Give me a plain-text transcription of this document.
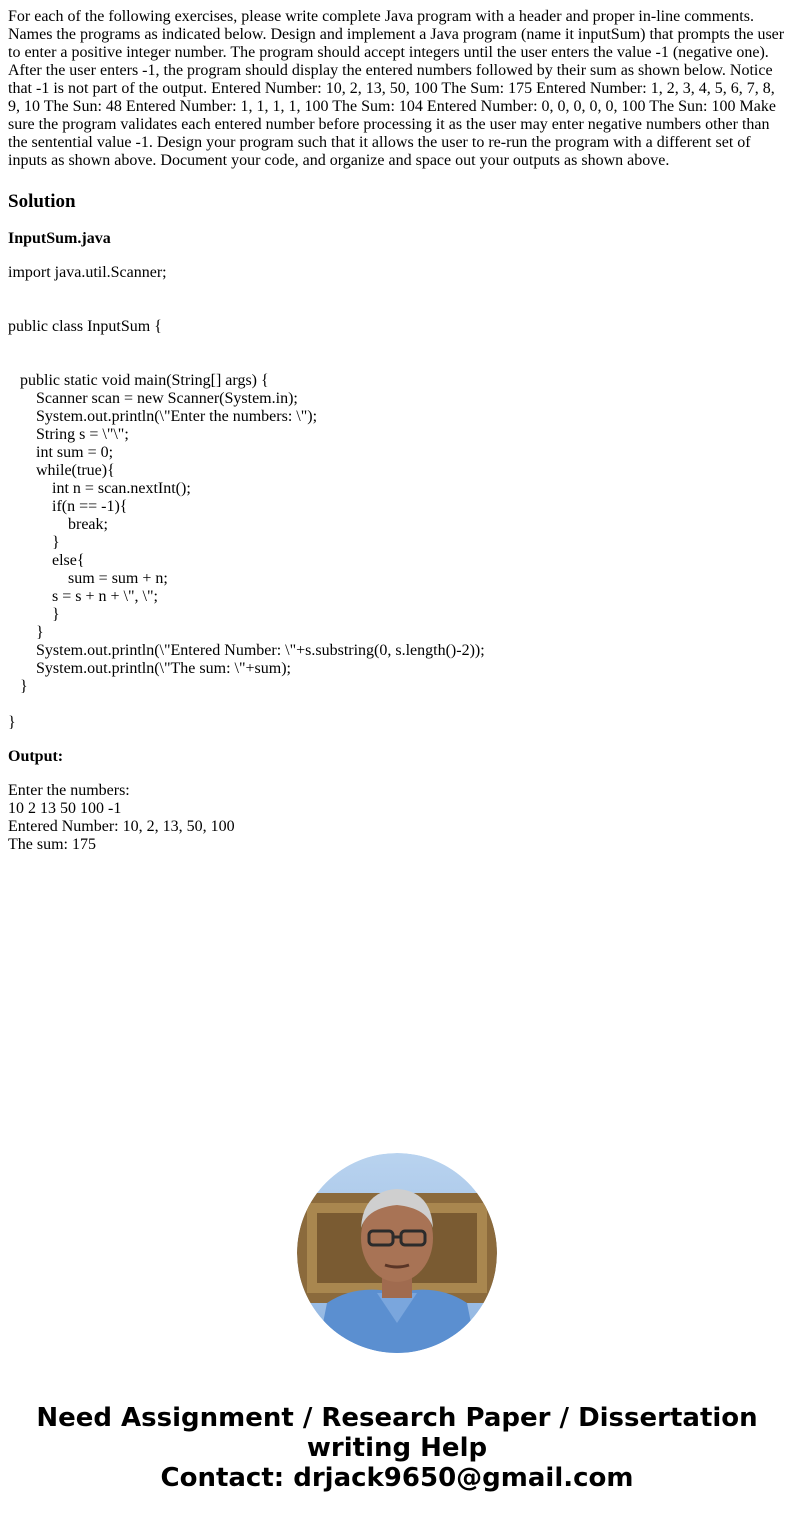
For each of the following exercises, please write complete Java program with a header and proper in-line comments. Names the programs as indicated below. Design and implement a Java program (name it inputSum) that prompts the user to enter a positive integer number. The program should accept integers until the user enters the value -1 (negative one). After the user enters -1, the program should display the entered numbers followed by their sum as shown below. Notice that -1 is not part of the output. Entered Number: 10, 2, 13, 50, 100 The Sum: 175 Entered Number: 1, 2, 3, 4, 5, 6, 7, 8, 9, 10 The Sun: 48 Entered Number: 1, 1, 1, 1, 100 The Sum: 104 Entered Number: 0, 0, 0, 0, 0, 100 The Sun: 100 Make sure the program validates each entered number before processing it as the user may enter negative numbers other than the sentential value -1. Design your program such that it allows the user to re-run the program with a different set of inputs as shown above. Document your code, and organize and space out your outputs as shown above.

Solution

InputSum.java

import java.util.Scanner;
public class InputSum {
public static void main(String[] args) {
Scanner scan = new Scanner(System.in);
System.out.println(\"Enter the numbers: \");
String s = \"\";
int sum = 0;
while(true){
int n = scan.nextInt();
if(n == -1){
break;
}
else{
sum = sum + n;
s = s + n + \", \";
}
}
System.out.println(\"Entered Number: \"+s.substring(0, s.length()-2));
System.out.println(\"The sum: \"+sum);
}
}

Output:

Enter the numbers:
10 2 13 50 100 -1
Entered Number: 10, 2, 13, 50, 100
The sum: 175
Need Assignment / Research Paper / Dissertation
writing Help
Contact: drjack9650@gmail.com
